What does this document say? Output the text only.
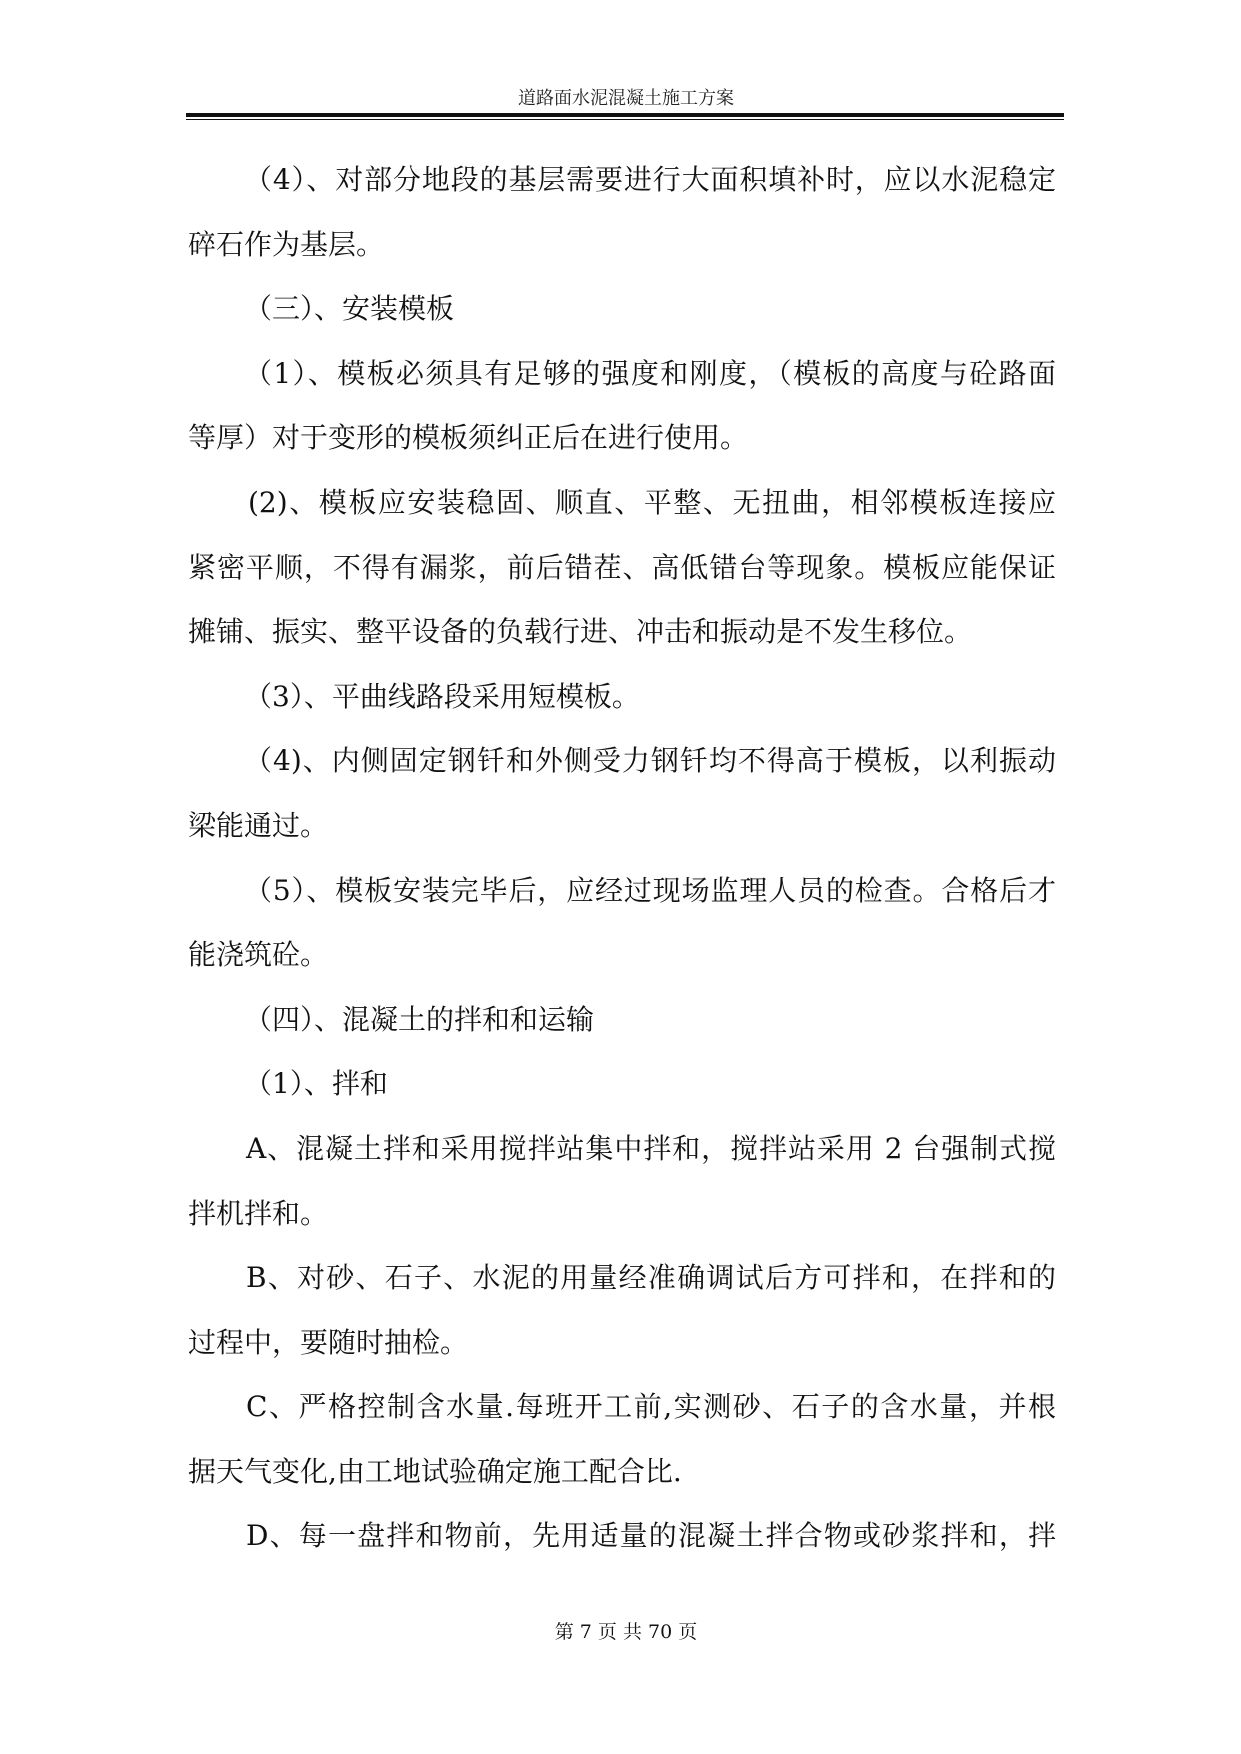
道路面水泥混凝土施工方案
（4）、对部分地段的基层需要进行大面积填补时，应以水泥稳定
碎石作为基层。
（三）、安装模板
（1）、模板必须具有足够的强度和刚度，（模板的高度与砼路面
等厚）对于变形的模板须纠正后在进行使用。
(2)、模板应安装稳固、顺直、平整、无扭曲，相邻模板连接应
紧密平顺，不得有漏浆，前后错茬、高低错台等现象。模板应能保证
摊铺、振实、整平设备的负载行进、冲击和振动是不发生移位。
（3）、平曲线路段采用短模板。
（4)、内侧固定钢钎和外侧受力钢钎均不得高于模板，以利振动
梁能通过。
（5）、模板安装完毕后，应经过现场监理人员的检查。合格后才
能浇筑砼。
（四）、混凝土的拌和和运输
（1）、拌和
A、混凝土拌和采用搅拌站集中拌和，搅拌站采用 2 台强制式搅
拌机拌和。
B、对砂、石子、水泥的用量经准确调试后方可拌和，在拌和的
过程中，要随时抽检。
C、严格控制含水量.每班开工前,实测砂、石子的含水量，并根
据天气变化,由工地试验确定施工配合比.
D、每一盘拌和物前，先用适量的混凝土拌合物或砂浆拌和，拌
第 7 页 共 70 页
